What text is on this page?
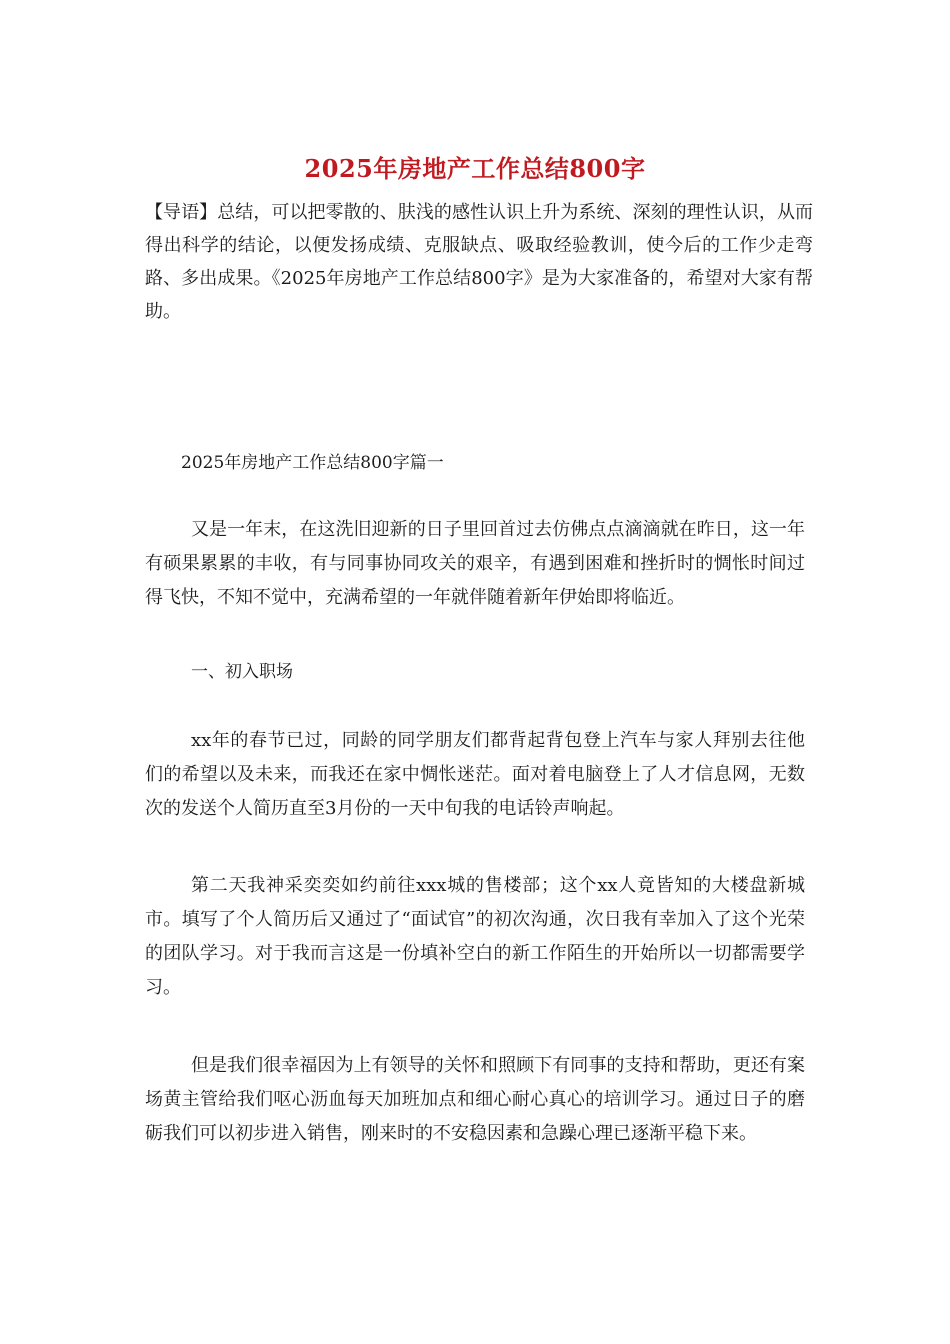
2025年房地产工作总结800字
【导语】总结，可以把零散的、肤浅的感性认识上升为系统、深刻的理性认识，从而得出科学的结论，以便发扬成绩、克服缺点、吸取经验教训，使今后的工作少走弯路、多出成果。《2025年房地产工作总结800字》是为大家准备的，希望对大家有帮助。
2025年房地产工作总结800字篇一
又是一年末，在这洗旧迎新的日子里回首过去仿佛点点滴滴就在昨日，这一年有硕果累累的丰收，有与同事协同攻关的艰辛，有遇到困难和挫折时的惆怅时间过得飞快，不知不觉中，充满希望的一年就伴随着新年伊始即将临近。
一、初入职场
xx年的春节已过，同龄的同学朋友们都背起背包登上汽车与家人拜别去往他们的希望以及未来，而我还在家中惆怅迷茫。面对着电脑登上了人才信息网，无数次的发送个人简历直至3月份的一天中旬我的电话铃声响起。
第二天我神采奕奕如约前往xxx城的售楼部；这个xx人竟皆知的大楼盘新城市。填写了个人简历后又通过了“面试官”的初次沟通，次日我有幸加入了这个光荣的团队学习。对于我而言这是一份填补空白的新工作陌生的开始所以一切都需要学习。
但是我们很幸福因为上有领导的关怀和照顾下有同事的支持和帮助，更还有案场黄主管给我们呕心沥血每天加班加点和细心耐心真心的培训学习。通过日子的磨砺我们可以初步进入销售，刚来时的不安稳因素和急躁心理已逐渐平稳下来。
